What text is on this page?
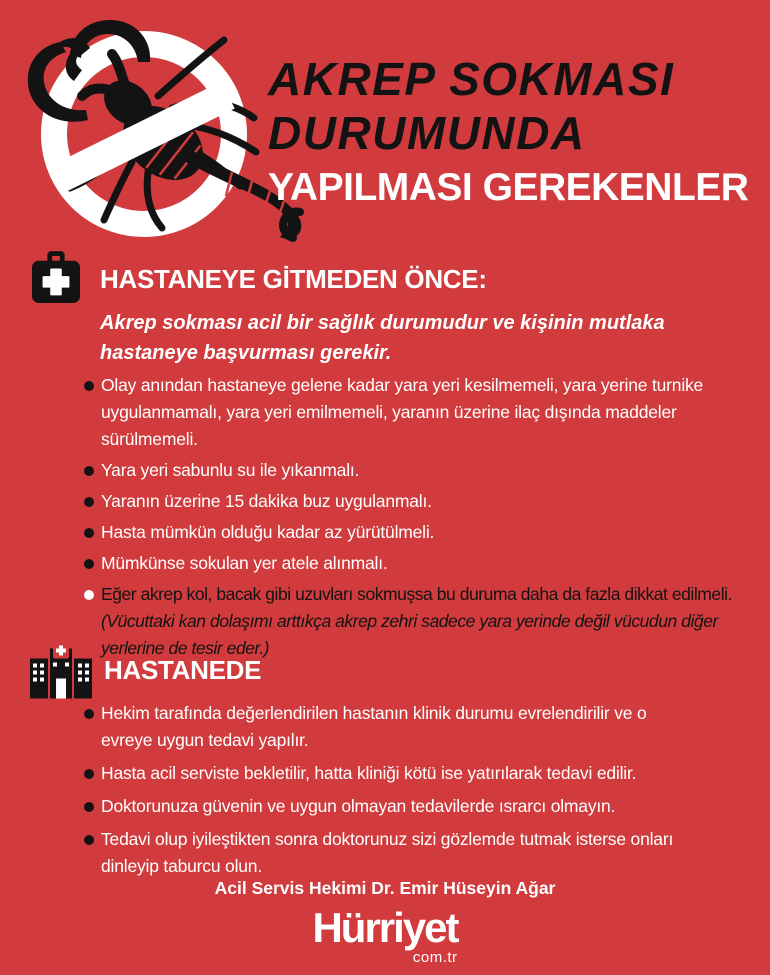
AKREP SOKMASI
DURUMUNDA
YAPILMASI GEREKENLER
HASTANEYE GİTMEDEN ÖNCE:
Akrep sokması acil bir sağlık durumudur ve kişinin mutlaka hastaneye başvurması gerekir.
Olay anından hastaneye gelene kadar yara yeri kesilmemeli, yara yerine turnike uygulanmamalı, yara yeri emilmemeli, yaranın üzerine ilaç dışında maddeler sürülmemeli.
Yara yeri sabunlu su ile yıkanmalı.
Yaranın üzerine 15 dakika buz uygulanmalı.
Hasta mümkün olduğu kadar az yürütülmeli.
Mümkünse sokulan yer atele alınmalı.
Eğer akrep kol, bacak gibi uzuvları sokmuşsa bu duruma daha da fazla dikkat edilmeli.
(Vücuttaki kan dolaşımı arttıkça akrep zehri sadece yara yerinde değil vücudun diğer yerlerine de tesir eder.)
HASTANEDE
Hekim tarafında değerlendirilen hastanın klinik durumu evrelendirilir ve o evreye uygun tedavi yapılır.
Hasta acil serviste bekletilir, hatta kliniği kötü ise yatırılarak tedavi edilir.
Doktorunuza güvenin ve uygun olmayan tedavilerde ısrarcı olmayın.
Tedavi olup iyileştikten sonra doktorunuz sizi gözlemde tutmak isterse onları dinleyip taburcu olun.
Acil Servis Hekimi Dr. Emir Hüseyin Ağar
Hürriyet
com.tr
